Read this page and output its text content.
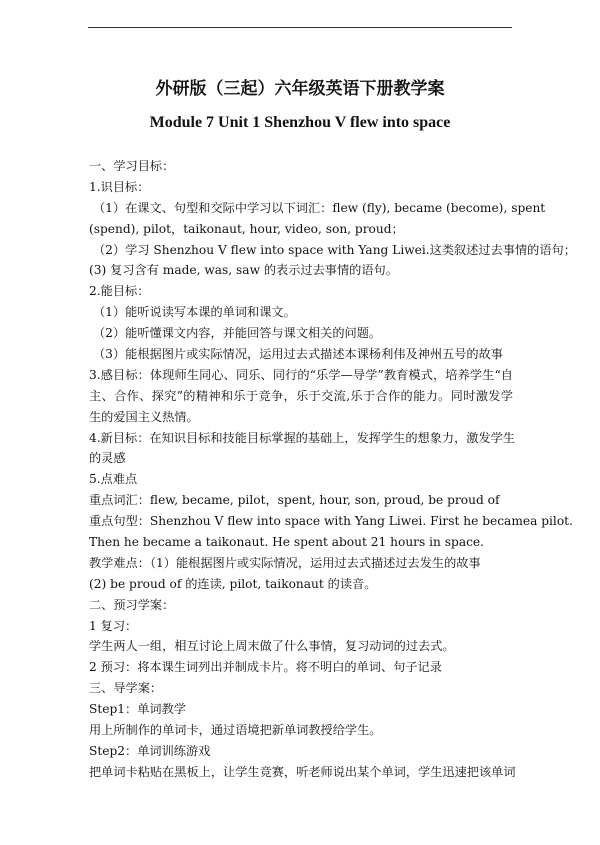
外研版（三起）六年级英语下册教学案
Module 7 Unit 1 Shenzhou V flew into space
一、学习目标：
1.识目标：
（1）在课文、句型和交际中学习以下词汇：flew (fly), became (become), spent
(spend), pilot，taikonaut, hour, video, son, proud；
（2）学习 Shenzhou V flew into space with Yang Liwei.这类叙述过去事情的语句；
(3) 复习含有 made, was, saw 的表示过去事情的语句。
2.能目标：
（1）能听说读写本课的单词和课文。
（2）能听懂课文内容，并能回答与课文相关的问题。
（3）能根据图片或实际情况，运用过去式描述本课杨利伟及神州五号的故事
3.感目标：体现师生同心、同乐、同行的“乐学—导学”教育模式，培养学生“自
主、合作、探究”的精神和乐于竞争，乐于交流,乐于合作的能力。同时激发学
生的爱国主义热情。
4.新目标：在知识目标和技能目标掌握的基础上，发挥学生的想象力，激发学生
的灵感
5.点难点
重点词汇：flew, became, pilot，spent, hour, son, proud, be proud of
重点句型：Shenzhou V flew into space with Yang Liwei. First he becamea pilot.
Then he became a taikonaut. He spent about 21 hours in space.
教学难点：（1）能根据图片或实际情况，运用过去式描述过去发生的故事
(2) be proud of 的连读, pilot, taikonaut 的读音。
二、预习学案：
1 复习：
学生两人一组，相互讨论上周末做了什么事情，复习动词的过去式。
2 预习：将本课生词列出并制成卡片。将不明白的单词、句子记录
三、导学案：
Step1：单词教学
用上所制作的单词卡，通过语境把新单词教授给学生。
Step2：单词训练游戏
把单词卡粘贴在黑板上，让学生竞赛，听老师说出某个单词，学生迅速把该单词
